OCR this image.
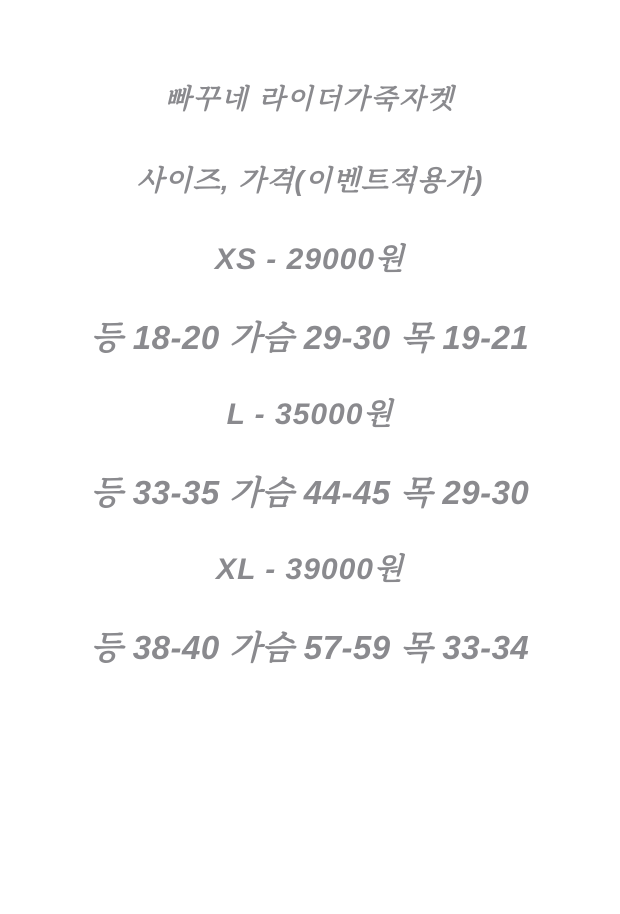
빠꾸네 라이더가죽자켓
사이즈, 가격(이벤트적용가)
XS - 29000원
등 18-20 가슴 29-30 목 19-21
L - 35000원
등 33-35 가슴 44-45 목 29-30
XL - 39000원
등 38-40 가슴 57-59 목 33-34
